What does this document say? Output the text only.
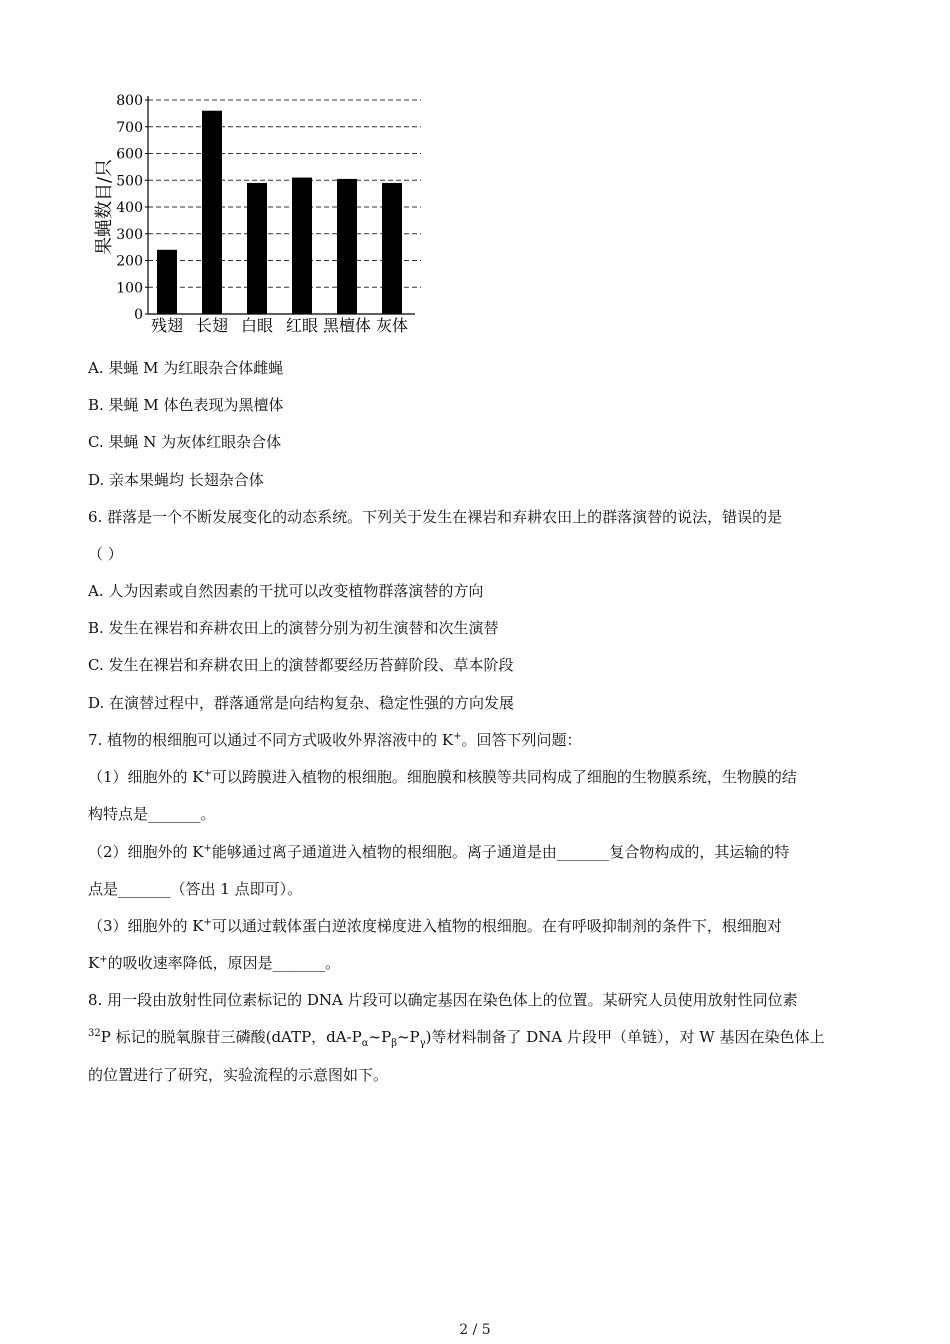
0
100
200
300
400
500
600
700
800
果蝇数目/只
残翅 长翅 白眼 红眼 黑檀体 灰体
A. 果蝇 M 为红眼杂合体雌蝇
B. 果蝇 M 体色表现为黑檀体
C. 果蝇 N 为灰体红眼杂合体
D. 亲本果蝇均 长翅杂合体
6. 群落是一个不断发展变化的动态系统。下列关于发生在裸岩和弃耕农田上的群落演替的说法，错误的是
（ ）
A. 人为因素或自然因素的干扰可以改变植物群落演替的方向
B. 发生在裸岩和弃耕农田上的演替分别为初生演替和次生演替
C. 发生在裸岩和弃耕农田上的演替都要经历苔藓阶段、草本阶段
D. 在演替过程中，群落通常是向结构复杂、稳定性强的方向发展
7. 植物的根细胞可以通过不同方式吸收外界溶液中的 K+。回答下列问题：
（1）细胞外的 K+可以跨膜进入植物的根细胞。细胞膜和核膜等共同构成了细胞的生物膜系统，生物膜的结
构特点是_______。
（2）细胞外的 K+能够通过离子通道进入植物的根细胞。离子通道是由_______复合物构成的，其运输的特
点是_______（答出 1 点即可）。
（3）细胞外的 K+可以通过载体蛋白逆浓度梯度进入植物的根细胞。在有呼吸抑制剂的条件下，根细胞对
K+的吸收速率降低，原因是_______。
8. 用一段由放射性同位素标记的 DNA 片段可以确定基因在染色体上的位置。某研究人员使用放射性同位素
$^{32}$P 标记的脱氧腺苷三磷酸(dATP，$dA-P_\alpha\sim P_\beta\sim P_\gamma$)等材料制备了 DNA 片段甲（单链），对 W 基因在染色体上
的位置进行了研究，实验流程的示意图如下。
2 / 5
